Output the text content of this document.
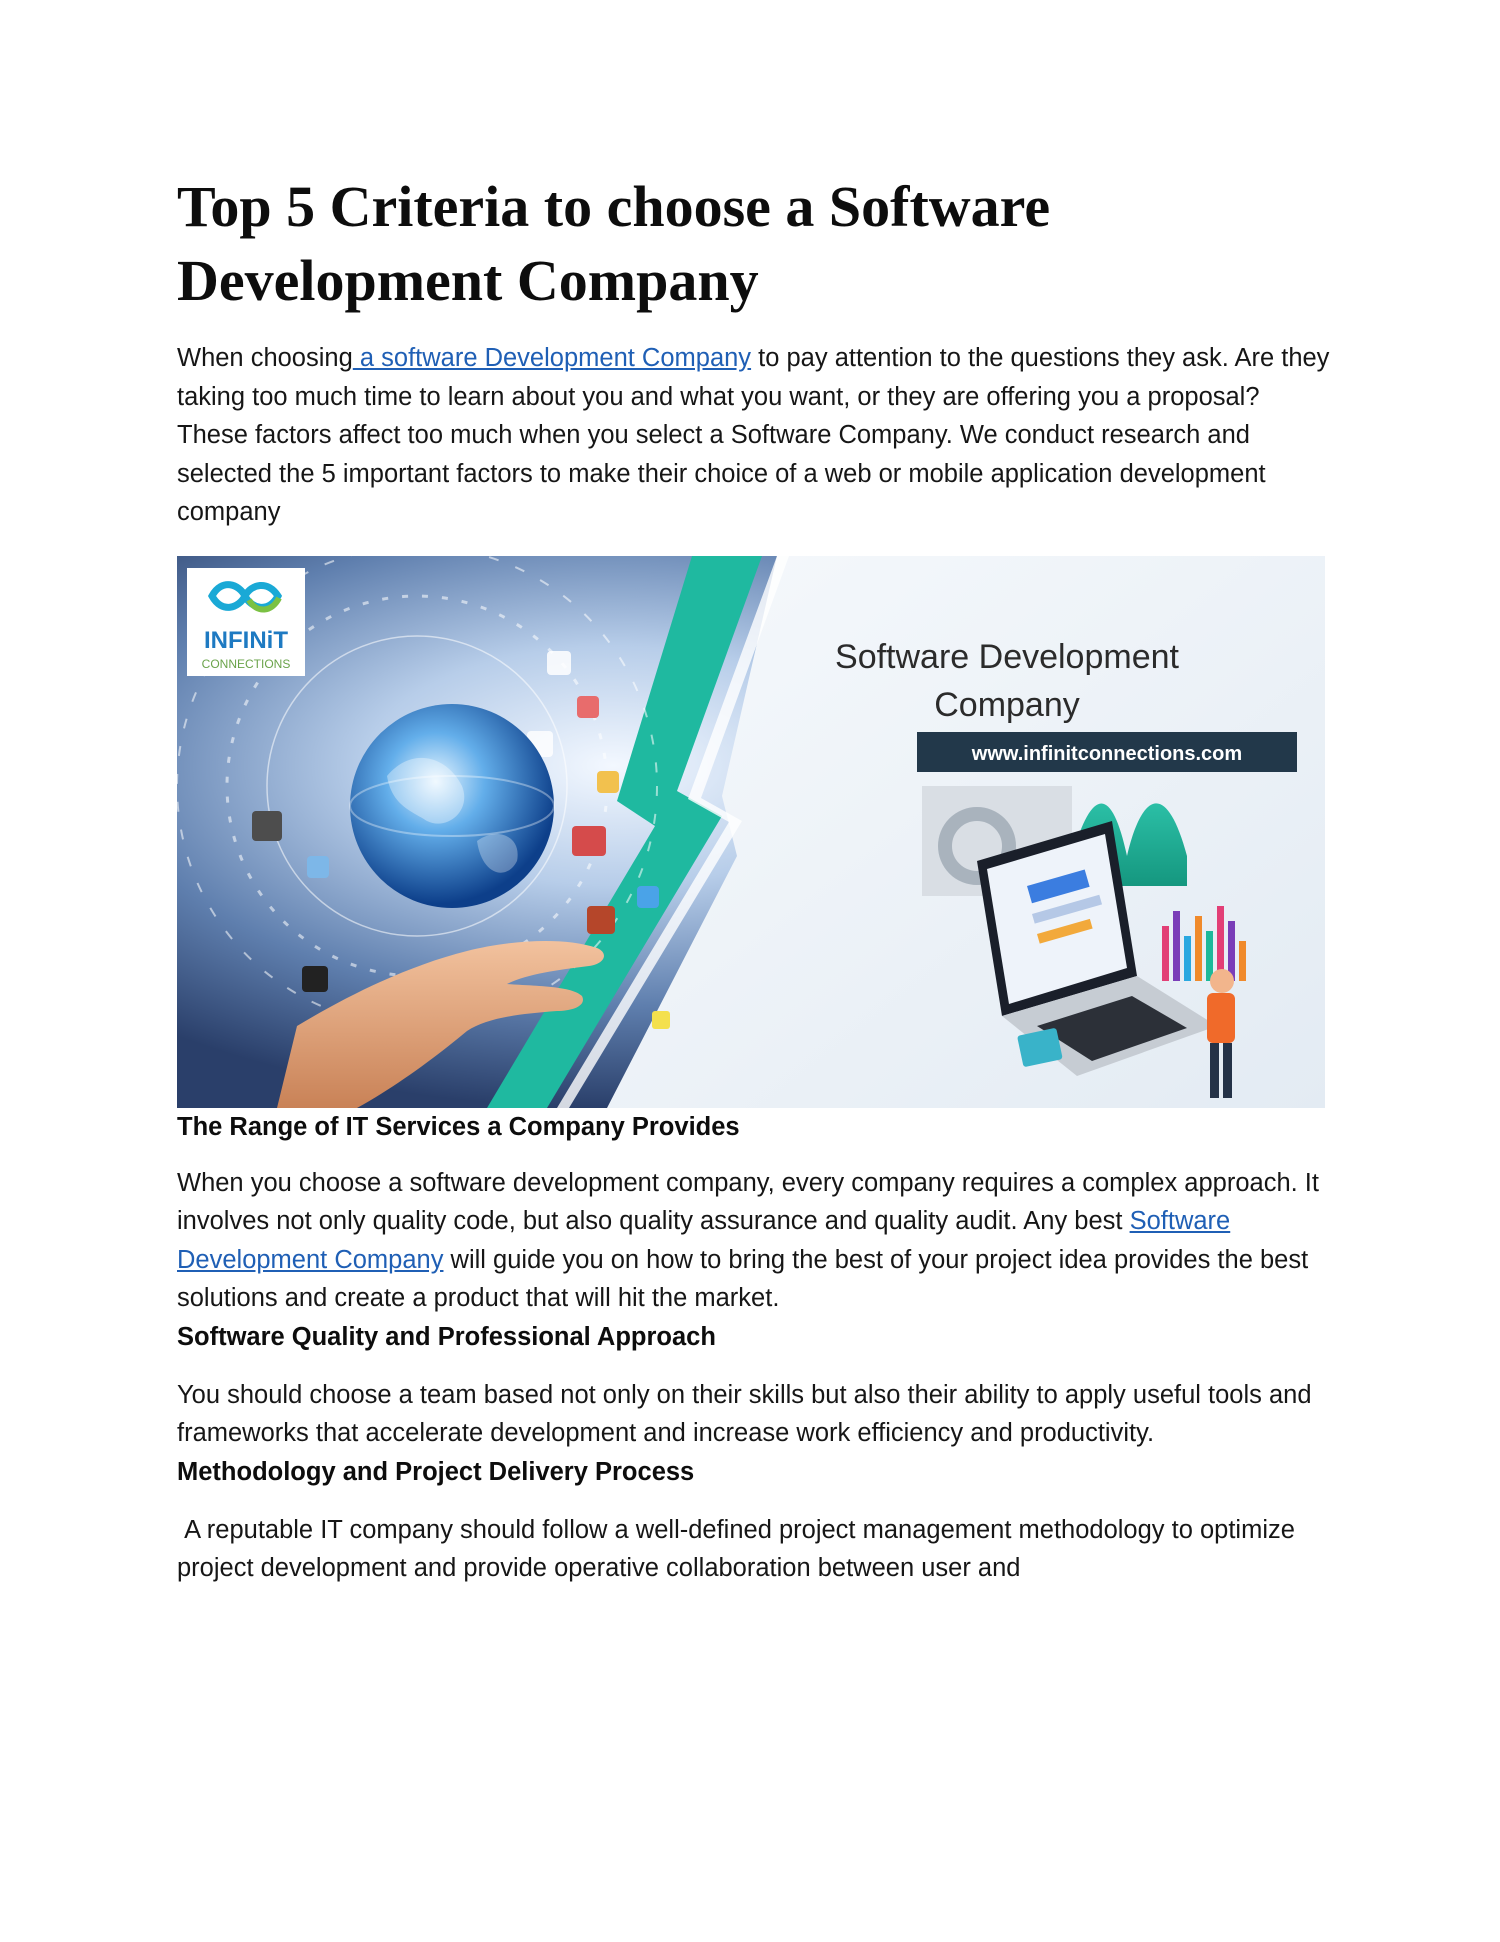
Top 5 Criteria to choose a Software Development Company

When choosing a software Development Company to pay attention to the questions they ask. Are they taking too much time to learn about you and what you want, or they are offering you a proposal? These factors affect too much when you select a Software Company. We conduct research and selected the 5 important factors to make their choice of a web or mobile application development company

INFINiT
CONNECTIONS	Software Development
Company
www.infinitconnections.com
The Range of IT Services a Company Provides

When you choose a software development company, every company requires a complex approach. It involves not only quality code, but also quality assurance and quality audit. Any best Software Development Company will guide you on how to bring the best of your project idea provides the best solutions and create a product that will hit the market.

Software Quality and Professional Approach

You should choose a team based not only on their skills but also their ability to apply useful tools and frameworks that accelerate development and increase work efficiency and productivity.

Methodology and Project Delivery Process

A reputable IT company should follow a well-defined project management methodology to optimize project development and provide operative collaboration between user and
